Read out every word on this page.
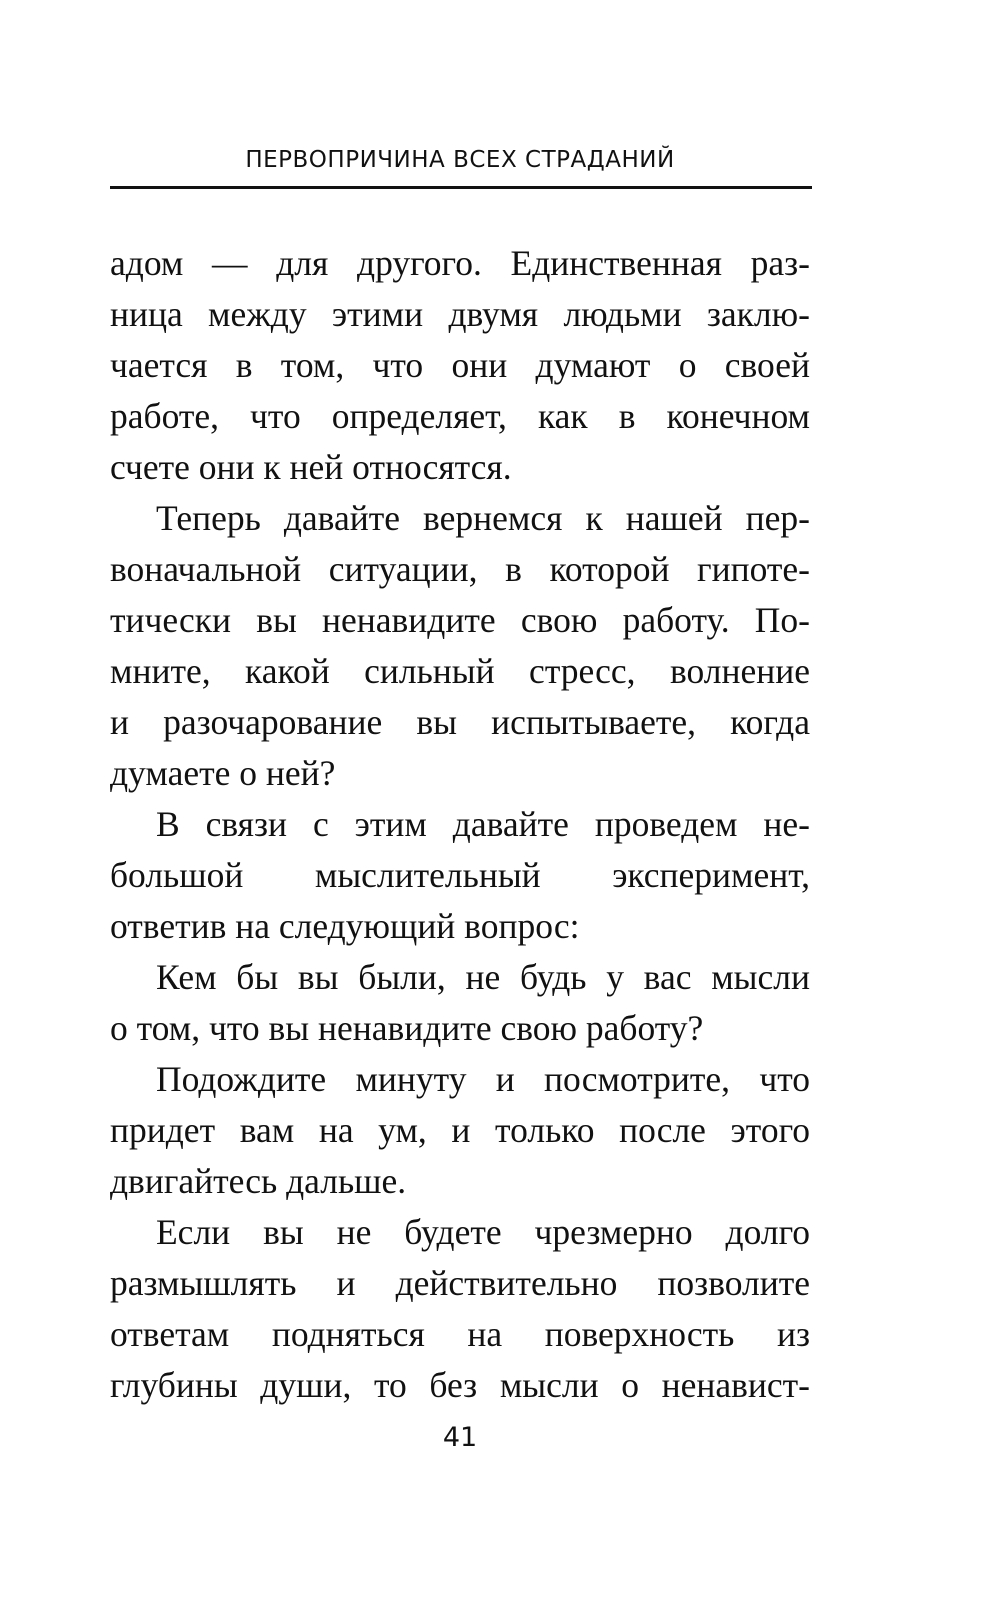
ПЕРВОПРИЧИНА ВСЕХ СТРАДАНИЙ
адом — для другого. Единственная раз-
ница между этими двумя людьми заклю-
чается в том, что они думают о своей
работе, что определяет, как в конечном
счете они к ней относятся.
Теперь давайте вернемся к нашей пер-
воначальной ситуации, в которой гипоте-
тически вы ненавидите свою работу. По-
мните, какой сильный стресс, волнение
и разочарование вы испытываете, когда
думаете о ней?
В связи с этим давайте проведем не-
большой мыслительный эксперимент,
ответив на следующий вопрос:
Кем бы вы были, не будь у вас мысли
о том, что вы ненавидите свою работу?
Подождите минуту и посмотрите, что
придет вам на ум, и только после этого
двигайтесь дальше.
Если вы не будете чрезмерно долго
размышлять и действительно позволите
ответам подняться на поверхность из
глубины души, то без мысли о ненавист-
41
